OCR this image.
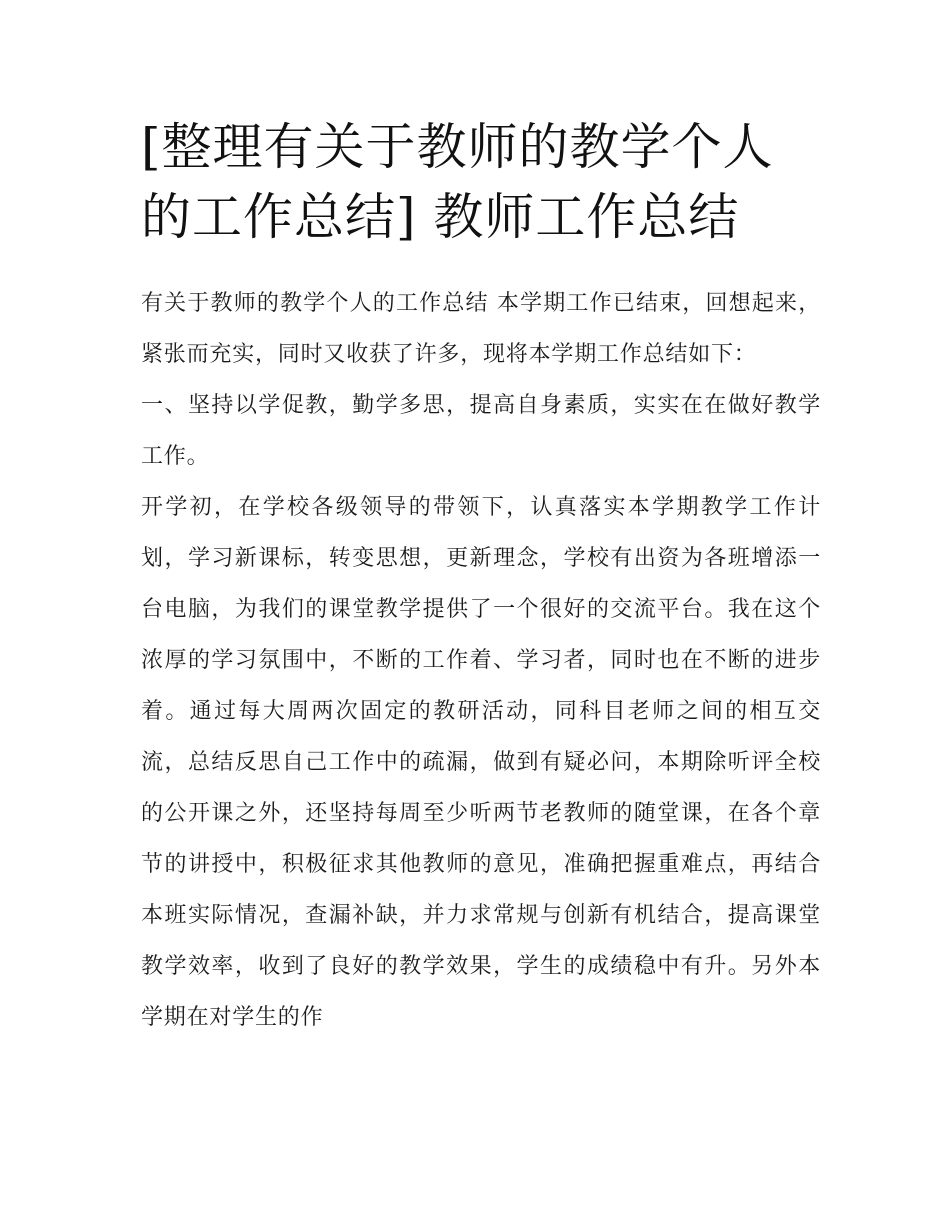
[整理有关于教师的教学个人的工作总结] 教师工作总结

有关于教师的教学个人的工作总结 本学期工作已结束，回想起来，紧张而充实，同时又收获了许多，现将本学期工作总结如下：

一、坚持以学促教，勤学多思，提高自身素质，实实在在做好教学工作。

开学初，在学校各级领导的带领下，认真落实本学期教学工作计划，学习新课标，转变思想，更新理念，学校有出资为各班增添一台电脑，为我们的课堂教学提供了一个很好的交流平台。我在这个浓厚的学习氛围中，不断的工作着、学习者，同时也在不断的进步着。通过每大周两次固定的教研活动，同科目老师之间的相互交流，总结反思自己工作中的疏漏，做到有疑必问，本期除听评全校的公开课之外，还坚持每周至少听两节老教师的随堂课，在各个章节的讲授中，积极征求其他教师的意见，准确把握重难点，再结合本班实际情况，查漏补缺，并力求常规与创新有机结合，提高课堂教学效率，收到了良好的教学效果，学生的成绩稳中有升。另外本学期在对学生的作
